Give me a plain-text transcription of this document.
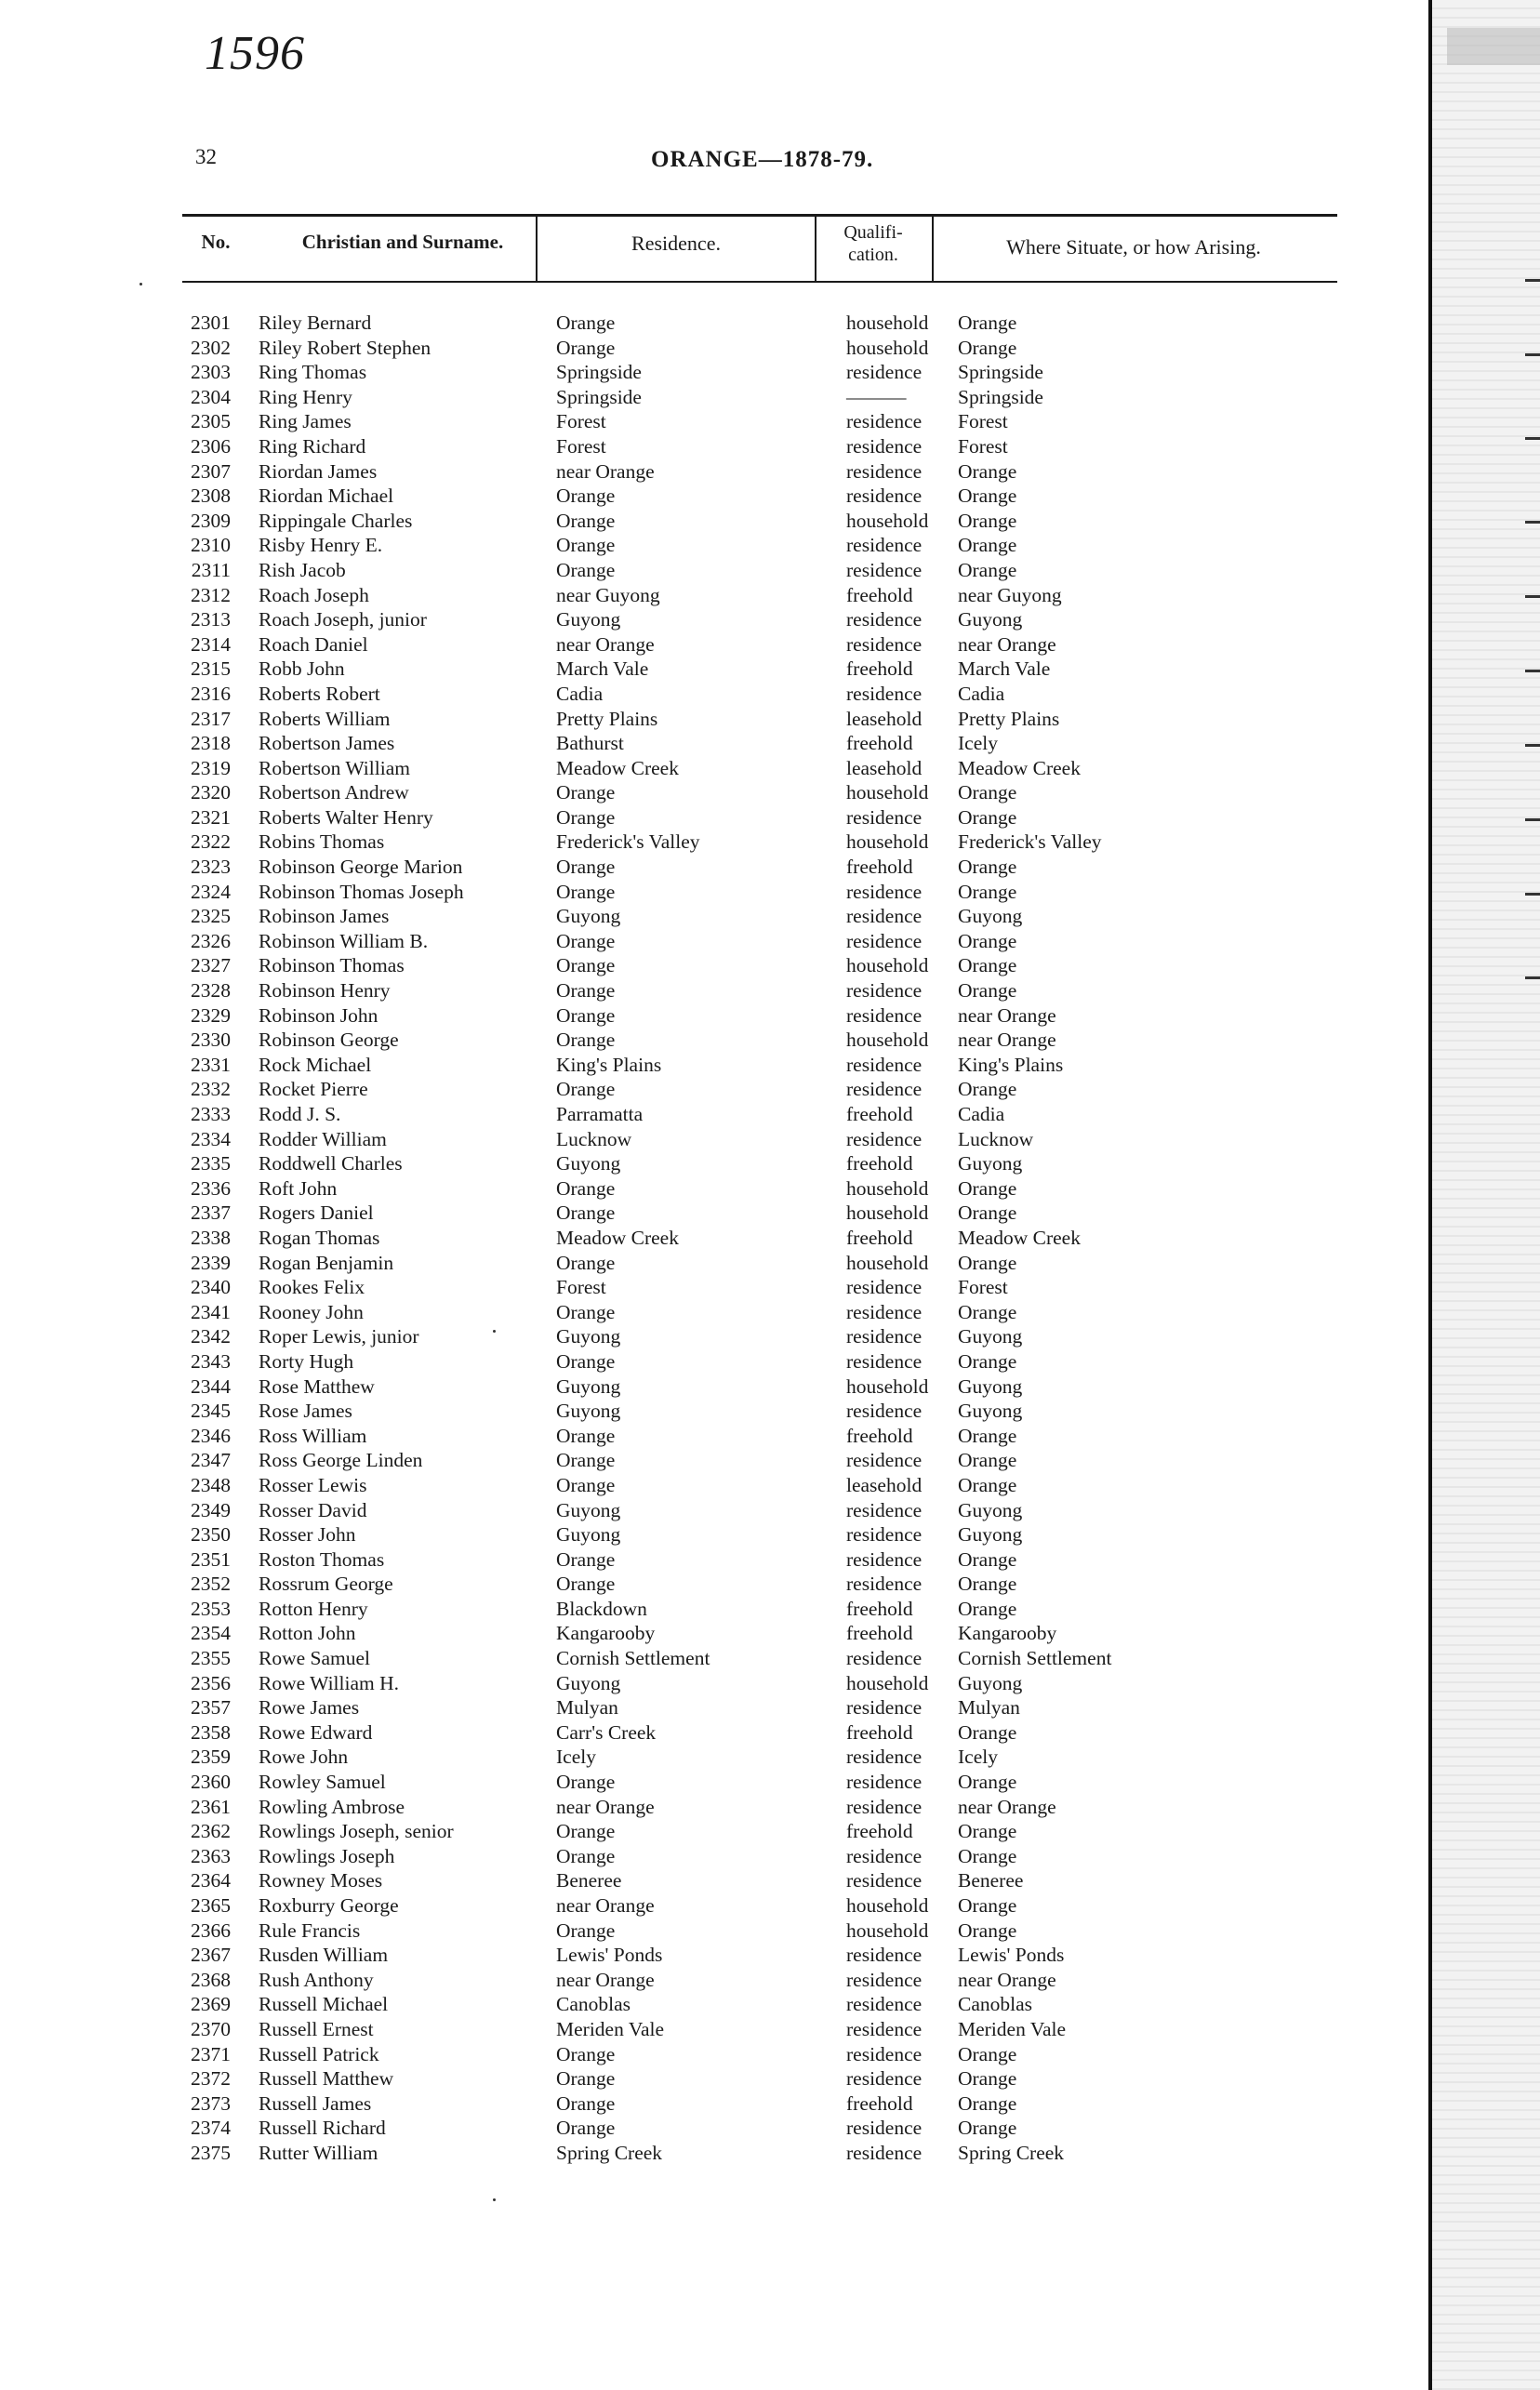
1596
32	ORANGE—1878-79.
No.	Christian and Surname.	Residence.	Qualifi-
cation.	Where Situate, or how Arising.
2301 Riley Bernard	Orange	household Orange
2302 Riley Robert Stephen	Orange	household Orange
2303 Ring Thomas	Springside	residence Springside
2304 Ring Henry	Springside	———	Springside
2305 Ring James	Forest	residence Forest
2306 Ring Richard	Forest	residence Forest
2307 Riordan James	near Orange	residence Orange
2308 Riordan Michael	Orange	residence Orange
2309 Rippingale Charles	Orange	household Orange
2310 Risby Henry E.	Orange	residence Orange
2311 Rish Jacob	Orange	residence Orange
2312 Roach Joseph	near Guyong	freehold near Guyong
2313 Roach Joseph, junior	Guyong	residence Guyong
2314 Roach Daniel	near Orange	residence near Orange
2315 Robb John	March Vale	freehold March Vale
2316 Roberts Robert	Cadia	residence Cadia
2317 Roberts William	Pretty Plains	leasehold Pretty Plains
2318 Robertson James	Bathurst	freehold Icely
2319 Robertson William	Meadow Creek	leasehold Meadow Creek
2320 Robertson Andrew	Orange	household Orange
2321 Roberts Walter Henry	Orange	residence Orange
2322 Robins Thomas	Frederick's Valley	household Frederick's Valley
2323 Robinson George Marion	Orange	freehold Orange
2324 Robinson Thomas Joseph	Orange	residence Orange
2325 Robinson James	Guyong	residence Guyong
2326 Robinson William B.	Orange	residence Orange
2327 Robinson Thomas	Orange	household Orange
2328 Robinson Henry	Orange	residence Orange
2329 Robinson John	Orange	residence near Orange
2330 Robinson George	Orange	household near Orange
2331 Rock Michael	King's Plains	residence King's Plains
2332 Rocket Pierre	Orange	residence Orange
2333 Rodd J. S.	Parramatta	freehold Cadia
2334 Rodder William	Lucknow	residence Lucknow
2335 Roddwell Charles	Guyong	freehold Guyong
2336 Roft John	Orange	household Orange
2337 Rogers Daniel	Orange	household Orange
2338 Rogan Thomas	Meadow Creek	freehold Meadow Creek
2339 Rogan Benjamin	Orange	household Orange
2340 Rookes Felix	Forest	residence Forest
2341 Rooney John	Orange	residence Orange
2342 Roper Lewis, junior	Guyong	residence Guyong
2343 Rorty Hugh	Orange	residence Orange
2344 Rose Matthew	Guyong	household Guyong
2345 Rose James	Guyong	residence Guyong
2346 Ross William	Orange	freehold Orange
2347 Ross George Linden	Orange	residence Orange
2348 Rosser Lewis	Orange	leasehold Orange
2349 Rosser David	Guyong	residence Guyong
2350 Rosser John	Guyong	residence Guyong
2351 Roston Thomas	Orange	residence Orange
2352 Rossrum George	Orange	residence Orange
2353 Rotton Henry	Blackdown	freehold Orange
2354 Rotton John	Kangarooby	freehold Kangarooby
2355 Rowe Samuel	Cornish Settlement	residence Cornish Settlement
2356 Rowe William H.	Guyong	household Guyong
2357 Rowe James	Mulyan	residence Mulyan
2358 Rowe Edward	Carr's Creek	freehold Orange
2359 Rowe John	Icely	residence Icely
2360 Rowley Samuel	Orange	residence Orange
2361 Rowling Ambrose	near Orange	residence near Orange
2362 Rowlings Joseph, senior	Orange	freehold Orange
2363 Rowlings Joseph	Orange	residence Orange
2364 Rowney Moses	Beneree	residence Beneree
2365 Roxburry George	near Orange	household Orange
2366 Rule Francis	Orange	household Orange
2367 Rusden William	Lewis' Ponds	residence Lewis' Ponds
2368 Rush Anthony	near Orange	residence near Orange
2369 Russell Michael	Canoblas	residence Canoblas
2370 Russell Ernest	Meriden Vale	residence Meriden Vale
2371 Russell Patrick	Orange	residence Orange
2372 Russell Matthew	Orange	residence Orange
2373 Russell James	Orange	freehold Orange
2374 Russell Richard	Orange	residence Orange
2375 Rutter William	Spring Creek	residence Spring Creek
